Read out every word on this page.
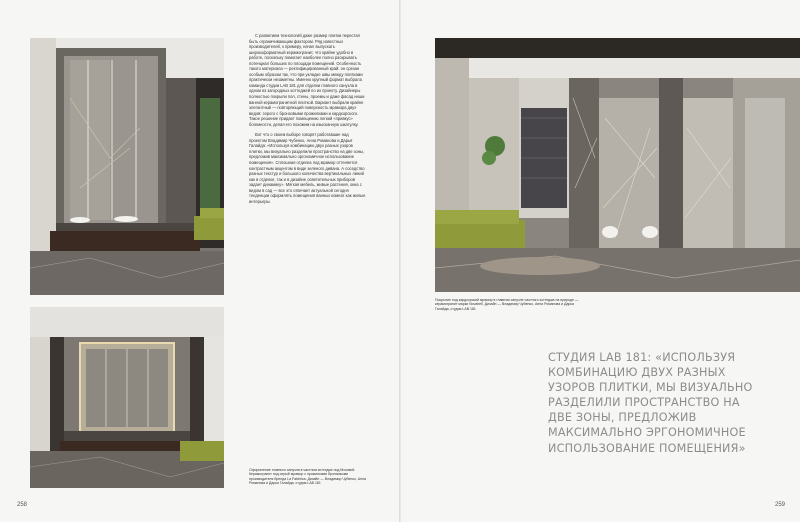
С развитием технологий даже размер плитки перестал быть ограничивающим фактором. Ряд известных производителей, к примеру, начал выпускать широкоформатный керамогранит, что крайне удобно в работе, поскольку помогает наиболее полно раскрывать потенциал больших по площади помещений. Особенность такого материала — ректифицированный край: он срезан особым образом так, что при укладке швы между плитками практически незаметны. Именно крупный формат выбрала команда студии LAB 181 для отделки главного санузла в одном из загородных коттеджей по их проекту. Дизайнеры полностью покрыли пол, стены, проемы и даже фасад ниши ванной керамогранитной плиткой. Вариант выбрали крайне элегантный — повторяющий поверхность мрамора двух видов: серого с бронзовыми прожилками и кардхорского. Такое решение придает помещению легкий «привкус» богемности, делая его похожим на изысканную шкатулку.

Вот что о своем выборе говорят работавшие над проектом Владимир Чубенко, Анна Романова и Дарья Галайда: «Используя комбинацию двух разных узоров плитки, мы визуально разделили пространство на две зоны, предложив максимально эргономичное использование помещения». Сплошная отделка под мрамор оттеняется контрастным акцентом в виде зеленого дивана. А соседство разных текстур и большого количества вертикальных линий как в отделке, так и в дизайне осветительных приборов задает динамику». Мягкая мебель, живые растения, окна с видом в сад — все это отвечает актуальной сегодня тенденции оформлять помещения ванных комнат как жилые интерьеры.

Оформление главного санузла в частном коттедже под Москвой. Керамогранит под серый мрамор с прожилками бронзовыми производителя бренда La Fabbrica. Дизайн — Владимир Чубенко, Анна Романова и Дарья Галайда, студия LAB 181
258
Покрытие под кардхорский мрамор в главном санузле частного коттеджа на природе — керамогранит марки Novabell. Дизайн — Владимир Чубенко, Анна Романова и Дарья Галайда, студия LAB 181
259
СТУДИЯ LAB 181: «ИСПОЛЬЗУЯ КОМБИНАЦИЮ ДВУХ РАЗНЫХ УЗОРОВ ПЛИТКИ, МЫ ВИЗУАЛЬНО РАЗДЕЛИЛИ ПРОСТРАНСТВО НА ДВЕ ЗОНЫ, ПРЕДЛОЖИВ МАКСИМАЛЬНО ЭРГОНОМИЧНОЕ ИСПОЛЬЗОВАНИЕ ПОМЕЩЕНИЯ»
